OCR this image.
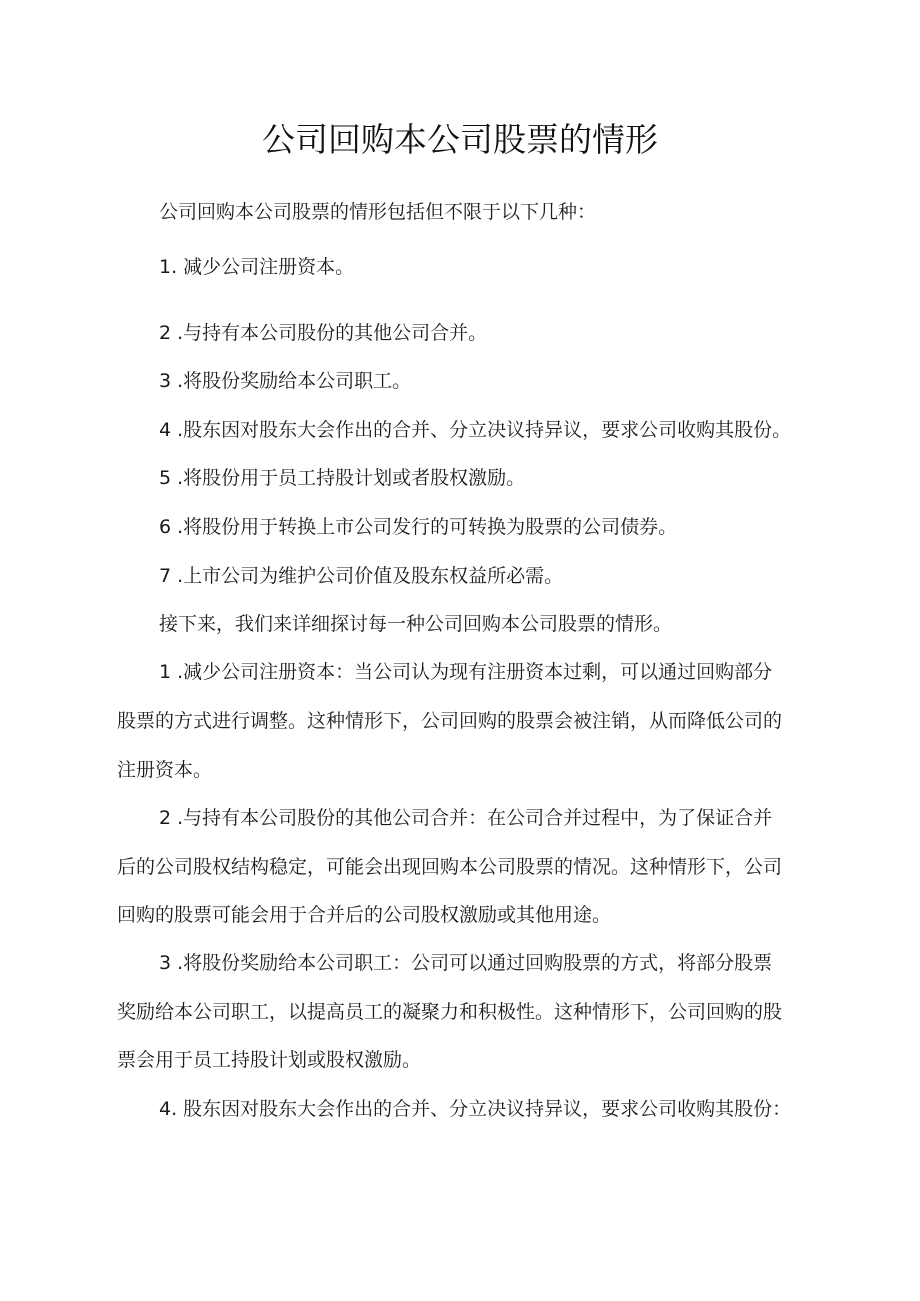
公司回购本公司股票的情形
公司回购本公司股票的情形包括但不限于以下几种：
1. 减少公司注册资本。
2 .与持有本公司股份的其他公司合并。
3 .将股份奖励给本公司职工。
4 .股东因对股东大会作出的合并、分立决议持异议，要求公司收购其股份。
5 .将股份用于员工持股计划或者股权激励。
6 .将股份用于转换上市公司发行的可转换为股票的公司债券。
7 .上市公司为维护公司价值及股东权益所必需。
接下来，我们来详细探讨每一种公司回购本公司股票的情形。
1 .减少公司注册资本：当公司认为现有注册资本过剩，可以通过回购部分
股票的方式进行调整。这种情形下，公司回购的股票会被注销，从而降低公司的
注册资本。
2 .与持有本公司股份的其他公司合并：在公司合并过程中，为了保证合并
后的公司股权结构稳定，可能会出现回购本公司股票的情况。这种情形下，公司
回购的股票可能会用于合并后的公司股权激励或其他用途。
3 .将股份奖励给本公司职工：公司可以通过回购股票的方式，将部分股票
奖励给本公司职工，以提高员工的凝聚力和积极性。这种情形下，公司回购的股
票会用于员工持股计划或股权激励。
4. 股东因对股东大会作出的合并、分立决议持异议，要求公司收购其股份：
